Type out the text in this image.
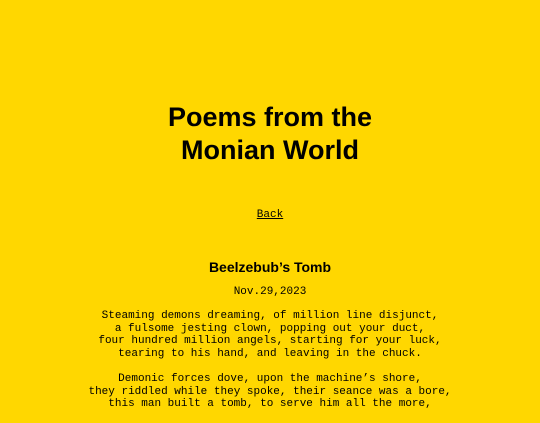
Poems from the
Monian World
Back
Beelzebub’s Tomb
Nov.29,2023
Steaming demons dreaming, of million line disjunct,
a fulsome jesting clown, popping out your duct,
four hundred million angels, starting for your luck,
tearing to his hand, and leaving in the chuck.
Demonic forces dove, upon the machine’s shore,
they riddled while they spoke, their seance was a bore,
this man built a tomb, to serve him all the more,
